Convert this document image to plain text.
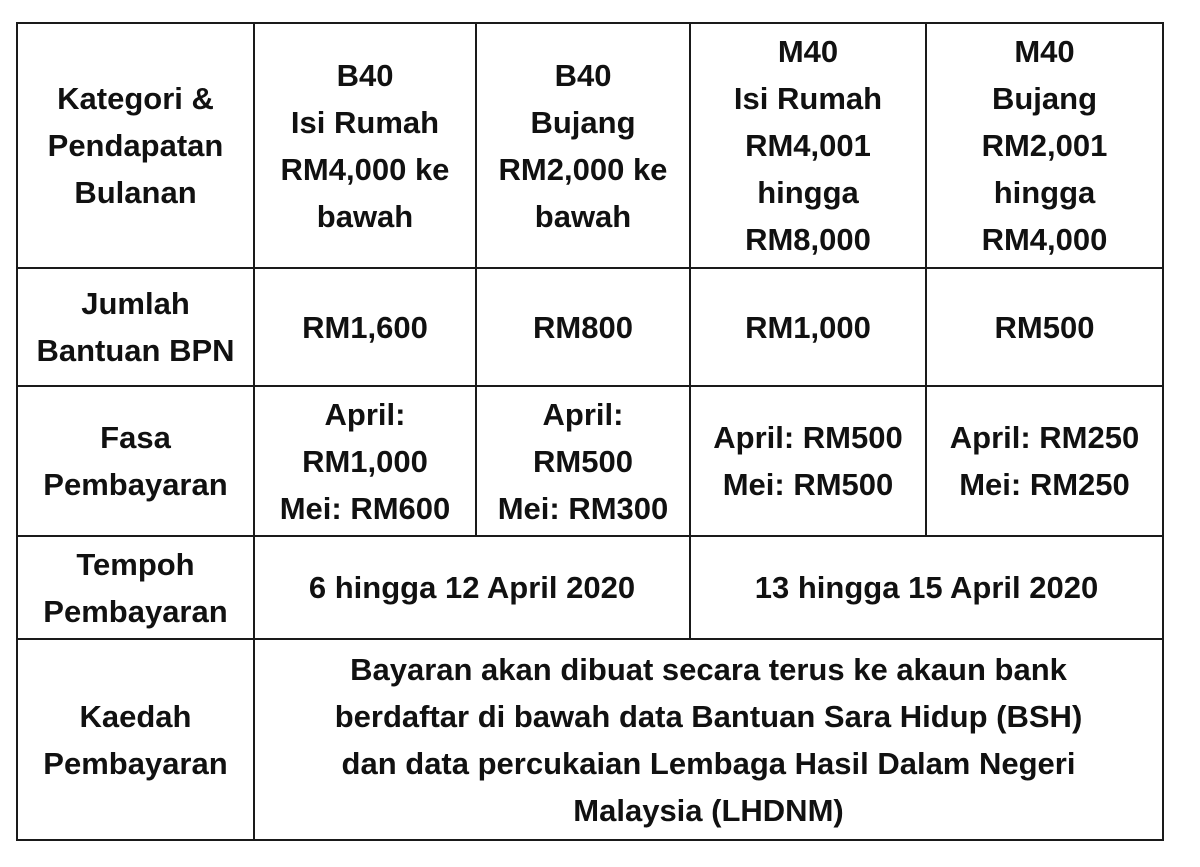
Kategori &
Pendapatan
Bulanan	B40
Isi Rumah
RM4,000 ke
bawah	B40
Bujang
RM2,000 ke
bawah	M40
Isi Rumah
RM4,001
hingga
RM8,000	M40
Bujang
RM2,001
hingga
RM4,000
Jumlah
Bantuan BPN	RM1,600	RM800	RM1,000	RM500
Fasa
Pembayaran	April:
RM1,000
Mei: RM600	April:
RM500
Mei: RM300	April: RM500
Mei: RM500	April: RM250
Mei: RM250
Tempoh
Pembayaran	6 hingga 12 April 2020		13 hingga 15 April 2020	
Kaedah
Pembayaran	Bayaran akan dibuat secara terus ke akaun bank
berdaftar di bawah data Bantuan Sara Hidup (BSH)
dan data percukaian Lembaga Hasil Dalam Negeri
Malaysia (LHDNM)			
